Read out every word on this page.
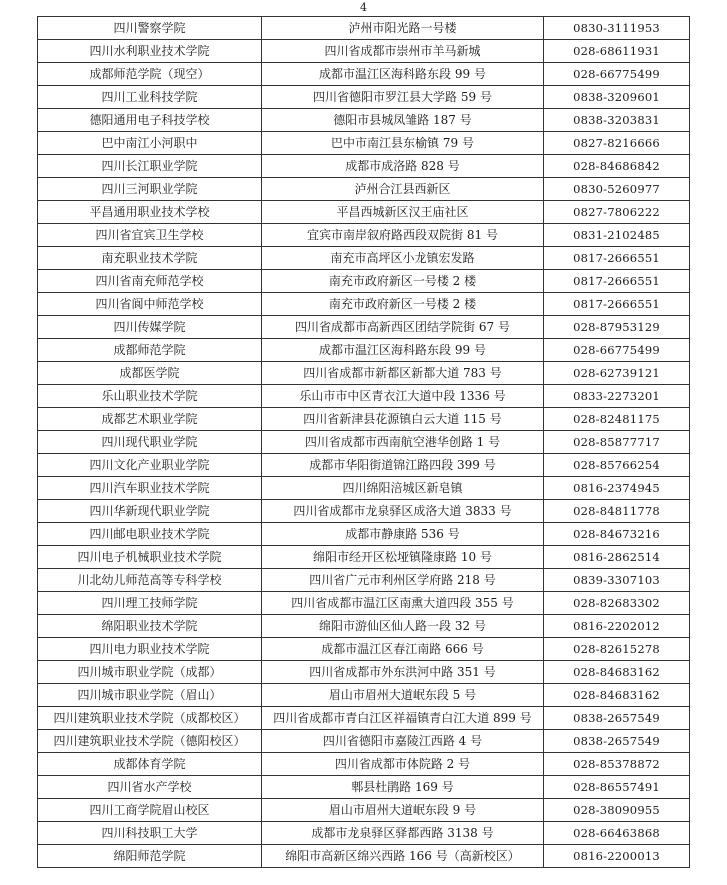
4
四川警察学院	泸州市阳光路一号楼	0830-3111953
四川水利职业技术学院	四川省成都市崇州市羊马新城	028-68611931
成都师范学院（现空）	成都市温江区海科路东段 99 号	028-66775499
四川工业科技学院	四川省德阳市罗江县大学路 59 号	0838-3209601
德阳通用电子科技学校	德阳市县城凤雏路 187 号	0838-3203831
巴中南江小河职中	巴中市南江县东榆镇 79 号	0827-8216666
四川长江职业学院	成都市成洛路 828 号	028-84686842
四川三河职业学院	泸州合江县西新区	0830-5260977
平昌通用职业技术学校	平昌西城新区汉王庙社区	0827-7806222
四川省宜宾卫生学校	宜宾市南岸叙府路西段双院街 81 号	0831-2102485
南充职业技术学院	南充市高坪区小龙镇宏发路	0817-2666551
四川省南充师范学校	南充市政府新区一号楼 2 楼	0817-2666551
四川省阆中师范学校	南充市政府新区一号楼 2 楼	0817-2666551
四川传媒学院	四川省成都市高新西区团结学院街 67 号	028-87953129
成都师范学院	成都市温江区海科路东段 99 号	028-66775499
成都医学院	四川省成都市新都区新都大道 783 号	028-62739121
乐山职业技术学院	乐山市市中区青衣江大道中段 1336 号	0833-2273201
成都艺术职业学院	四川省新津县花源镇白云大道 115 号	028-82481175
四川现代职业学院	四川省成都市西南航空港华创路 1 号	028-85877717
四川文化产业职业学院	成都市华阳街道锦江路四段 399 号	028-85766254
四川汽车职业技术学院	四川绵阳涪城区新皂镇	0816-2374945
四川华新现代职业学院	四川省成都市龙泉驿区成洛大道 3833 号	028-84811778
四川邮电职业技术学院	成都市静康路 536 号	028-84673216
四川电子机械职业技术学院	绵阳市经开区松垭镇隆康路 10 号	0816-2862514
川北幼儿师范高等专科学校	四川省广元市利州区学府路 218 号	0839-3307103
四川理工技师学院	四川省成都市温江区南熏大道四段 355 号	028-82683302
绵阳职业技术学院	绵阳市游仙区仙人路一段 32 号	0816-2202012
四川电力职业技术学院	成都市温江区春江南路 666 号	028-82615278
四川城市职业学院（成都）	四川省成都市外东洪河中路 351 号	028-84683162
四川城市职业学院（眉山）	眉山市眉州大道岷东段 5 号	028-84683162
四川建筑职业技术学院（成都校区）	四川省成都市青白江区祥福镇青白江大道 899 号	0838-2657549
四川建筑职业技术学院（德阳校区）	四川省德阳市嘉陵江西路 4 号	0838-2657549
成都体育学院	四川省成都市体院路 2 号	028-85378872
四川省水产学校	郫县杜鹃路 169 号	028-86557491
四川工商学院眉山校区	眉山市眉州大道岷东段 9 号	028-38090955
四川科技职工大学	成都市龙泉驿区驿都西路 3138 号	028-66463868
绵阳师范学院	绵阳市高新区绵兴西路 166 号（高新校区）	0816-2200013
